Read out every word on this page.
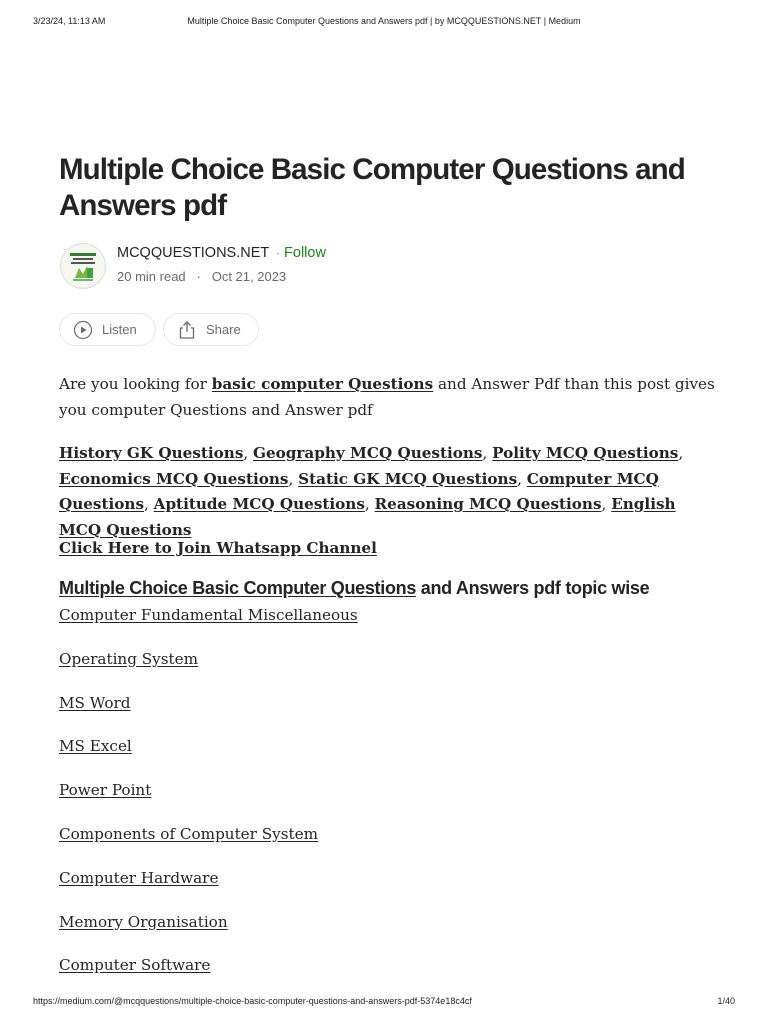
3/23/24, 11:13 AM	Multiple Choice Basic Computer Questions and Answers pdf | by MCQQUESTIONS.NET | Medium
Multiple Choice Basic Computer Questions and Answers pdf
MCQQUESTIONS.NET · Follow
20 min read · Oct 21, 2023
Listen	Share

Are you looking for basic computer Questions and Answer Pdf than this post gives you computer Questions and Answer pdf

History GK Questions, Geography MCQ Questions, Polity MCQ Questions, Economics MCQ Questions, Static GK MCQ Questions, Computer MCQ Questions, Aptitude MCQ Questions, Reasoning MCQ Questions, English MCQ Questions

Click Here to Join Whatsapp Channel

Multiple Choice Basic Computer Questions and Answers pdf topic wise
Computer Fundamental Miscellaneous
Operating System
MS Word
MS Excel
Power Point
Components of Computer System
Computer Hardware
Memory Organisation
Computer Software
https://medium.com/@mcqquestions/multiple-choice-basic-computer-questions-and-answers-pdf-5374e18c4cf	1/40
